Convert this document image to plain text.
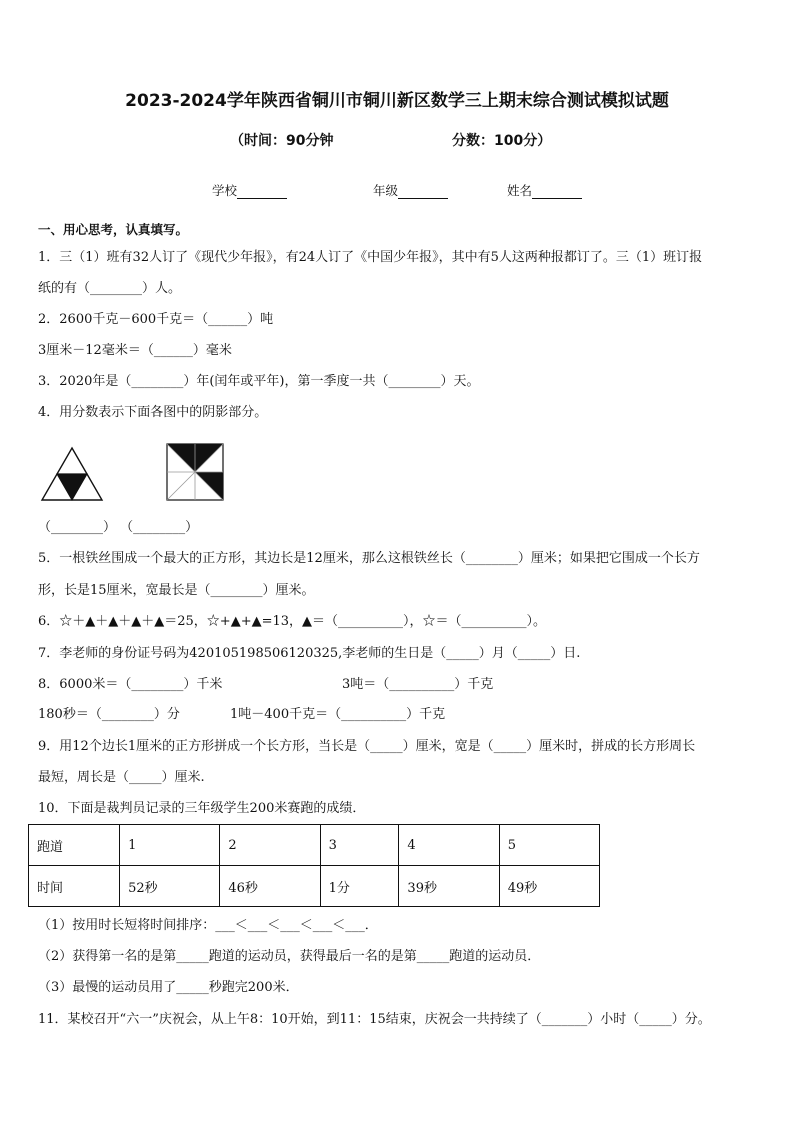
2023-2024学年陕西省铜川市铜川新区数学三上期末综合测试模拟试题
（时间：90分钟	分数：100分）
学校	年级	姓名
一、用心思考，认真填写。
1．三（1）班有32人订了《现代少年报》，有24人订了《中国少年报》，其中有5人这两种报都订了。三（1）班订报
纸的有（________）人。
2．2600千克－600千克＝（______）吨
3厘米－12毫米＝（______）毫米
3．2020年是（________）年(闰年或平年)，第一季度一共（________）天。
4．用分数表示下面各图中的阴影部分。
（________） （________）
5．一根铁丝围成一个最大的正方形，其边长是12厘米，那么这根铁丝长（________）厘米；如果把它围成一个长方
形，长是15厘米，宽最长是（________）厘米。
6．☆＋▲＋▲＋▲＋▲＝25，☆+▲+▲=13，▲＝（__________），☆＝（__________）。
7．李老师的身份证号码为420105198506120325,李老师的生日是（_____）月（_____）日.
8．6000米＝（________）千米	3吨＝（__________）千克
180秒＝（________）分	1吨－400千克＝（__________）千克
9．用12个边长1厘米的正方形拼成一个长方形，当长是（_____）厘米，宽是（_____）厘米时，拼成的长方形周长
最短，周长是（_____）厘米.
10．下面是裁判员记录的三年级学生200米赛跑的成绩．
跑道	1	2	3	4	5
时间	52秒	46秒	1分	39秒	49秒
（1）按用时长短将时间排序：___＜___＜___＜___＜___．
（2）获得第一名的是第_____跑道的运动员，获得最后一名的是第_____跑道的运动员．
（3）最慢的运动员用了_____秒跑完200米．
11．某校召开“六一”庆祝会，从上午8：10开始，到11：15结束，庆祝会一共持续了（_______）小时（_____）分。
